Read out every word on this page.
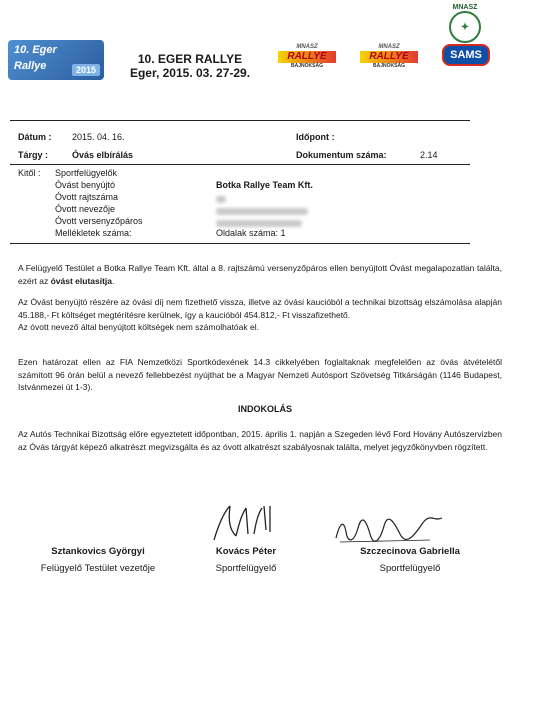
10. Eger
Rallye	2015
10. EGER RALLYE
Eger, 2015. 03. 27-29.
MNASZ
RALLYE
BAJNOKSÁG
MNASZ
RALLYE
BAJNOKSÁG
MNASZ
✦
SAMS
Dátum : 2015. 04. 16.	Időpont :
Tárgy :	Óvás elbírálás	Dokumentum száma:	2.14
Kitől : Sportfelügyelők
Óvást benyújtó	Botka Rallye Team Kft.
Óvott rajtszáma
Óvott nevezője
Óvott versenyzőpáros
Mellékletek száma:	Oldalak száma: 1
A Felügyelő Testület a Botka Rallye Team Kft. által a 8. rajtszámú versenyzőpáros ellen benyújtott Óvást megalapozatlan találta, ezért az óvást elutasítja.
Az Óvást benyújtó részére az óvási díj nem fizethető vissza, illetve az óvási kaucióból a technikai bizottság elszámolása alapján 45.188,- Ft költséget megtérítésre kerülnek, így a kaucióból 454.812,- Ft visszafizethető.
Az óvott nevező által benyújtott költségek nem számolhatóak el.
Ezen határozat ellen az FIA Nemzetközi Sportkódexének 14.3 cikkelyében foglaltaknak megfelelően az óvás átvételétől számított 96 órán belül a nevező fellebbezést nyújthat be a Magyar Nemzeti Autósport Szövetség Titkárságán (1146 Budapest, Istvánmezei út 1-3).
INDOKOLÁS
Az Autós Technikai Bizottság előre egyeztetett időpontban, 2015. április 1. napján a Szegeden lévő Ford Hovány Autószervizben az Óvás tárgyát képező alkatrészt megvizsgálta és az óvott alkatrészt szabályosnak találta, melyet jegyzőkönyvben rögzített.
Sztankovics Györgyi
Felügyelő Testület vezetője
Kovács Péter
Sportfelügyelő
Szczecinova Gabriella
Sportfelügyelő
